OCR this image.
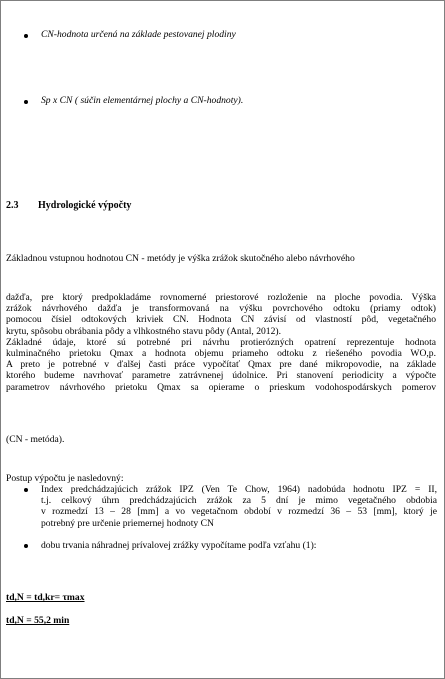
CN-hodnota určená na základe pestovanej plodiny
Sp x CN ( súčin elementárnej plochy a CN-hodnoty).
2.3 Hydrologické výpočty
Základnou vstupnou hodnotou CN - metódy je výška zrážok skutočného alebo návrhového
dažďa, pre ktorý predpokladáme rovnomerné priestorové rozloženie na ploche povodia. Výška
zrážok návrhového dažďa je transformovaná na výšku povrchového odtoku (priamy odtok)
pomocou čísiel odtokových kriviek CN. Hodnota CN závisí od vlastností pôd, vegetačného
krytu, spôsobu obrábania pôdy a vlhkostného stavu pôdy (Antal, 2012).
Základné údaje, ktoré sú potrebné pri návrhu protierózných opatrení reprezentuje hodnota
kulminačného prietoku Qmax a hodnota objemu priameho odtoku z riešeného povodia WO,p.
A preto je potrebné v ďalšej časti práce vypočítať Qmax pre dané mikropovodie, na základe
ktorého budeme navrhovať parametre zatrávnenej údolnice. Pri stanovení periodicity a výpočte
parametrov návrhového prietoku Qmax sa opierame o prieskum vodohospodárskych pomerov
(CN - metóda).
Postup výpočtu je nasledovný:
Index predchádzajúcich zrážok IPZ (Ven Te Chow, 1964) nadobúda hodnotu IPZ = II,
t.j. celkový úhrn predchádzajúcich zrážok za 5 dní je mimo vegetačného obdobia
v rozmedzí 13 – 28 [mm] a vo vegetačnom období v rozmedzí 36 – 53 [mm], ktorý je
potrebný pre určenie priemernej hodnoty CN
dobu trvania náhradnej prívalovej zrážky vypočítame podľa vzťahu (1):
td,N = td,kr= τmax
td,N = 55,2 min
